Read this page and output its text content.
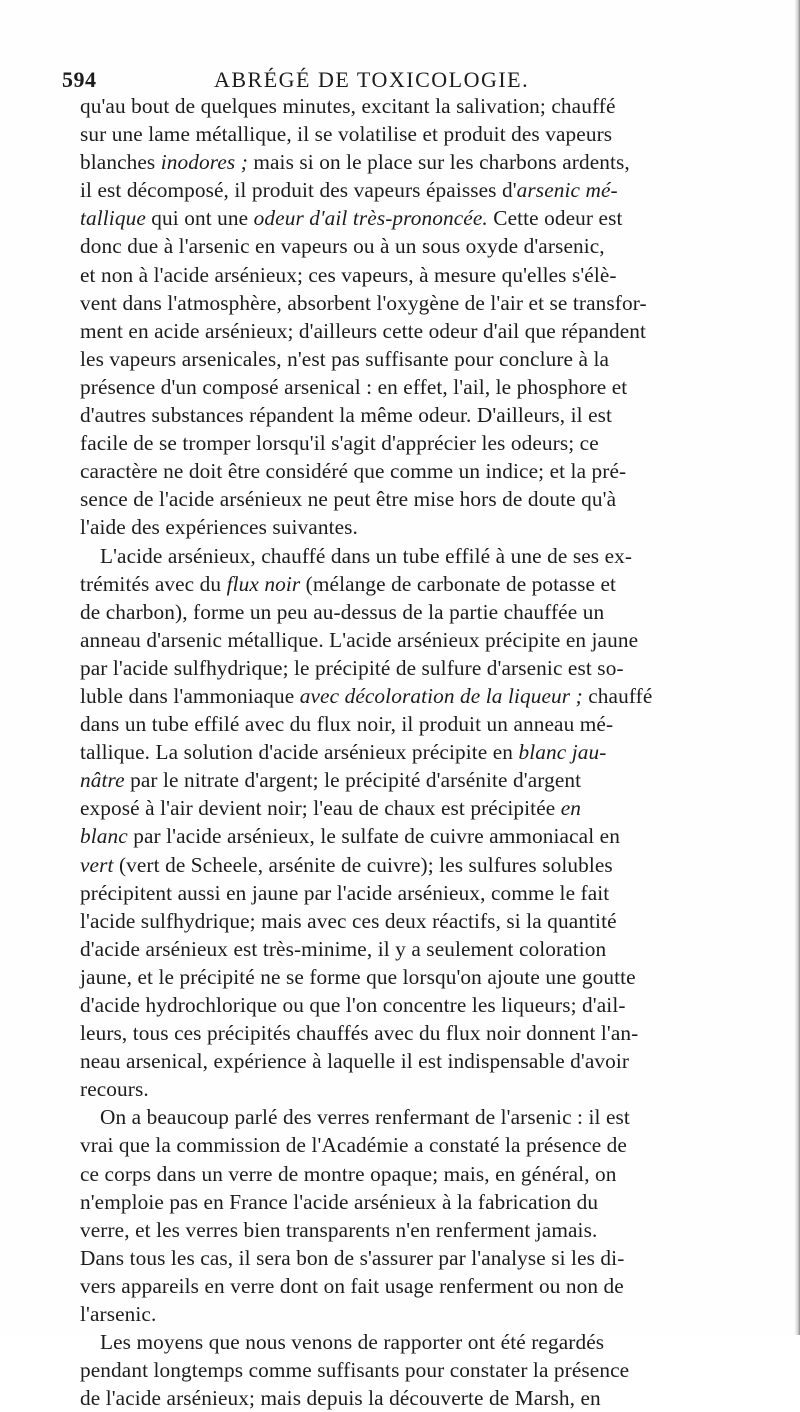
594	ABRÉGÉ DE TOXICOLOGIE.
qu'au bout de quelques minutes, excitant la salivation; chauffé
sur une lame métallique, il se volatilise et produit des vapeurs
blanches inodores ; mais si on le place sur les charbons ardents,
il est décomposé, il produit des vapeurs épaisses d'arsenic mé-
tallique qui ont une odeur d'ail très-prononcée. Cette odeur est
donc due à l'arsenic en vapeurs ou à un sous oxyde d'arsenic,
et non à l'acide arsénieux; ces vapeurs, à mesure qu'elles s'élè-
vent dans l'atmosphère, absorbent l'oxygène de l'air et se transfor-
ment en acide arsénieux; d'ailleurs cette odeur d'ail que répandent
les vapeurs arsenicales, n'est pas suffisante pour conclure à la
présence d'un composé arsenical : en effet, l'ail, le phosphore et
d'autres substances répandent la même odeur. D'ailleurs, il est
facile de se tromper lorsqu'il s'agit d'apprécier les odeurs; ce
caractère ne doit être considéré que comme un indice; et la pré-
sence de l'acide arsénieux ne peut être mise hors de doute qu'à
l'aide des expériences suivantes.
L'acide arsénieux, chauffé dans un tube effilé à une de ses ex-
trémités avec du flux noir (mélange de carbonate de potasse et
de charbon), forme un peu au-dessus de la partie chauffée un
anneau d'arsenic métallique. L'acide arsénieux précipite en jaune
par l'acide sulfhydrique; le précipité de sulfure d'arsenic est so-
luble dans l'ammoniaque avec décoloration de la liqueur ; chauffé
dans un tube effilé avec du flux noir, il produit un anneau mé-
tallique. La solution d'acide arsénieux précipite en blanc jau-
nâtre par le nitrate d'argent; le précipité d'arsénite d'argent
exposé à l'air devient noir; l'eau de chaux est précipitée en
blanc par l'acide arsénieux, le sulfate de cuivre ammoniacal en
vert (vert de Scheele, arsénite de cuivre); les sulfures solubles
précipitent aussi en jaune par l'acide arsénieux, comme le fait
l'acide sulfhydrique; mais avec ces deux réactifs, si la quantité
d'acide arsénieux est très-minime, il y a seulement coloration
jaune, et le précipité ne se forme que lorsqu'on ajoute une goutte
d'acide hydrochlorique ou que l'on concentre les liqueurs; d'ail-
leurs, tous ces précipités chauffés avec du flux noir donnent l'an-
neau arsenical, expérience à laquelle il est indispensable d'avoir
recours.
On a beaucoup parlé des verres renfermant de l'arsenic : il est
vrai que la commission de l'Académie a constaté la présence de
ce corps dans un verre de montre opaque; mais, en général, on
n'emploie pas en France l'acide arsénieux à la fabrication du
verre, et les verres bien transparents n'en renferment jamais.
Dans tous les cas, il sera bon de s'assurer par l'analyse si les di-
vers appareils en verre dont on fait usage renferment ou non de
l'arsenic.
Les moyens que nous venons de rapporter ont été regardés
pendant longtemps comme suffisants pour constater la présence
de l'acide arsénieux; mais depuis la découverte de Marsh, en
